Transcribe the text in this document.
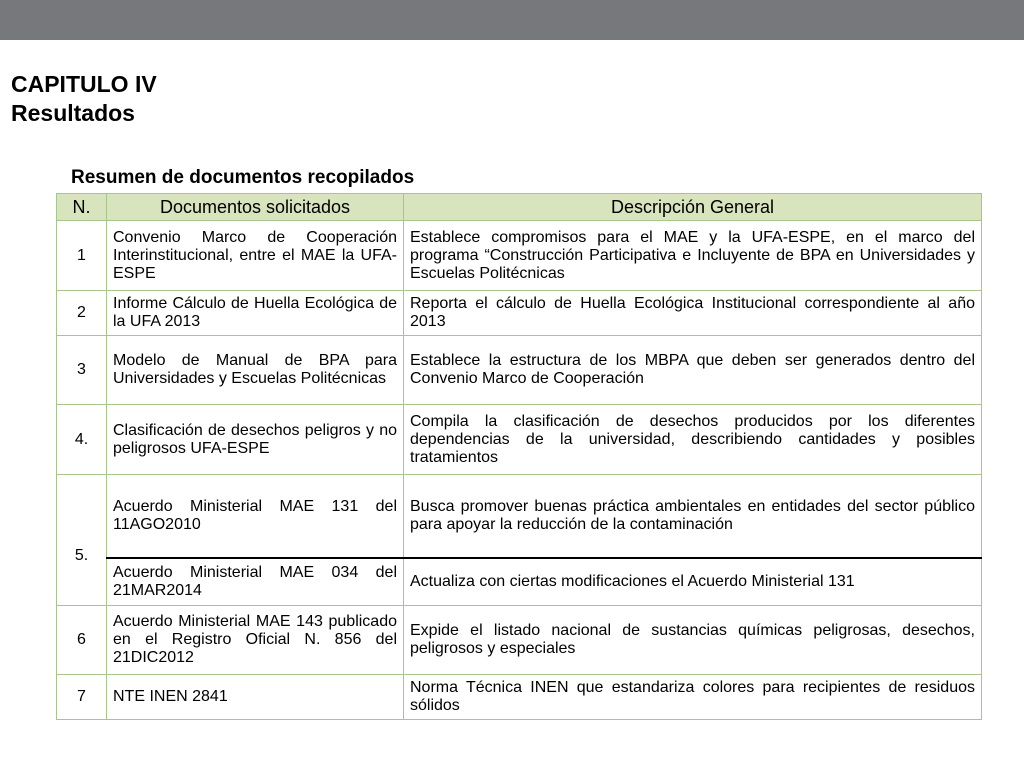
CAPITULO IV
Resultados
Resumen de documentos recopilados
N.	Documentos solicitados	Descripción General
1	Convenio Marco de Cooperación Interinstitucional, entre el MAE la UFA-ESPE	Establece compromisos para el MAE y la UFA-ESPE, en el marco del programa “Construcción Participativa e Incluyente de BPA en Universidades y Escuelas Politécnicas
2	Informe Cálculo de Huella Ecológica de la UFA 2013	Reporta el cálculo de Huella Ecológica Institucional correspondiente al año 2013
3	Modelo de Manual de BPA para Universidades y Escuelas Politécnicas	Establece la estructura de los MBPA que deben ser generados dentro del Convenio Marco de Cooperación
4.	Clasificación de desechos peligros y no peligrosos UFA-ESPE	Compila la clasificación de desechos producidos por los diferentes dependencias de la universidad, describiendo cantidades y posibles tratamientos
5.	Acuerdo Ministerial MAE 131 del 11AGO2010	Busca promover buenas práctica ambientales en entidades del sector público para apoyar la reducción de la contaminación
	Acuerdo Ministerial MAE 034 del 21MAR2014	Actualiza con ciertas modificaciones el Acuerdo Ministerial 131
6	Acuerdo Ministerial MAE 143 publicado en el Registro Oficial N. 856 del 21DIC2012	Expide el listado nacional de sustancias químicas peligrosas, desechos, peligrosos y especiales
7	NTE INEN 2841	Norma Técnica INEN que estandariza colores para recipientes de residuos sólidos
